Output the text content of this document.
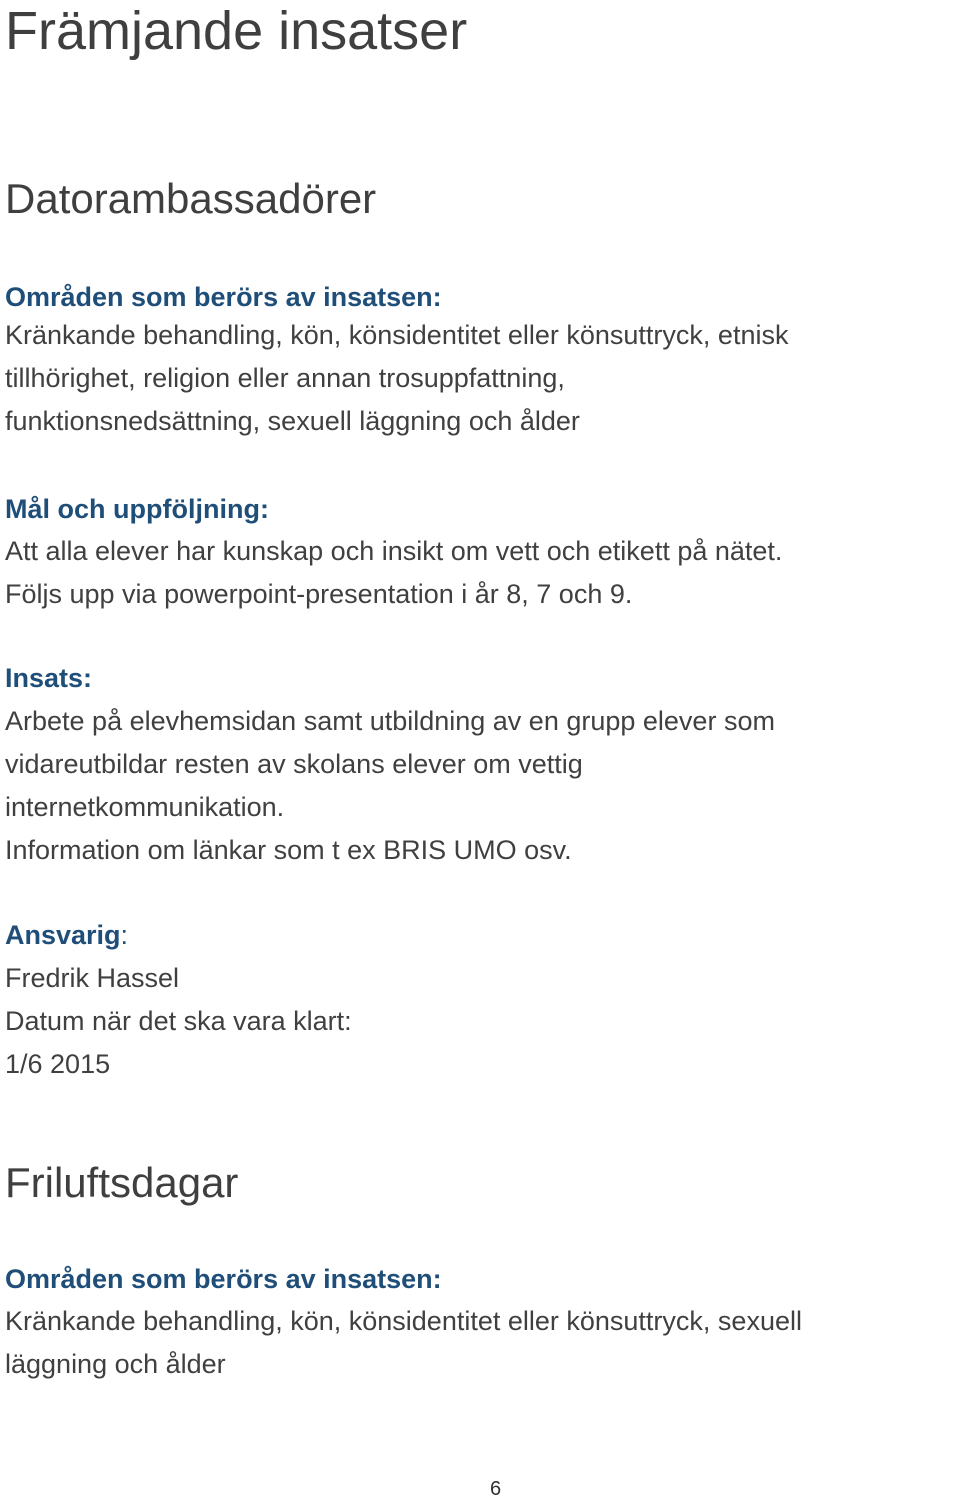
Främjande insatser
Datorambassadörer

Områden som berörs av insatsen:

Kränkande behandling, kön, könsidentitet eller könsuttryck, etnisk

tillhörighet, religion eller annan trosuppfattning,

funktionsnedsättning, sexuell läggning och ålder

Mål och uppföljning:

Att alla elever har kunskap och insikt om vett och etikett på nätet.

Följs upp via powerpoint-presentation i år 8, 7 och 9.

Insats:

Arbete på elevhemsidan samt utbildning av en grupp elever som

vidareutbildar resten av skolans elever om vettig

internetkommunikation.

Information om länkar som t ex BRIS UMO osv.

Ansvarig:

Fredrik Hassel

Datum när det ska vara klart:

1/6 2015

Friluftsdagar

Områden som berörs av insatsen:

Kränkande behandling, kön, könsidentitet eller könsuttryck, sexuell

läggning och ålder

6
